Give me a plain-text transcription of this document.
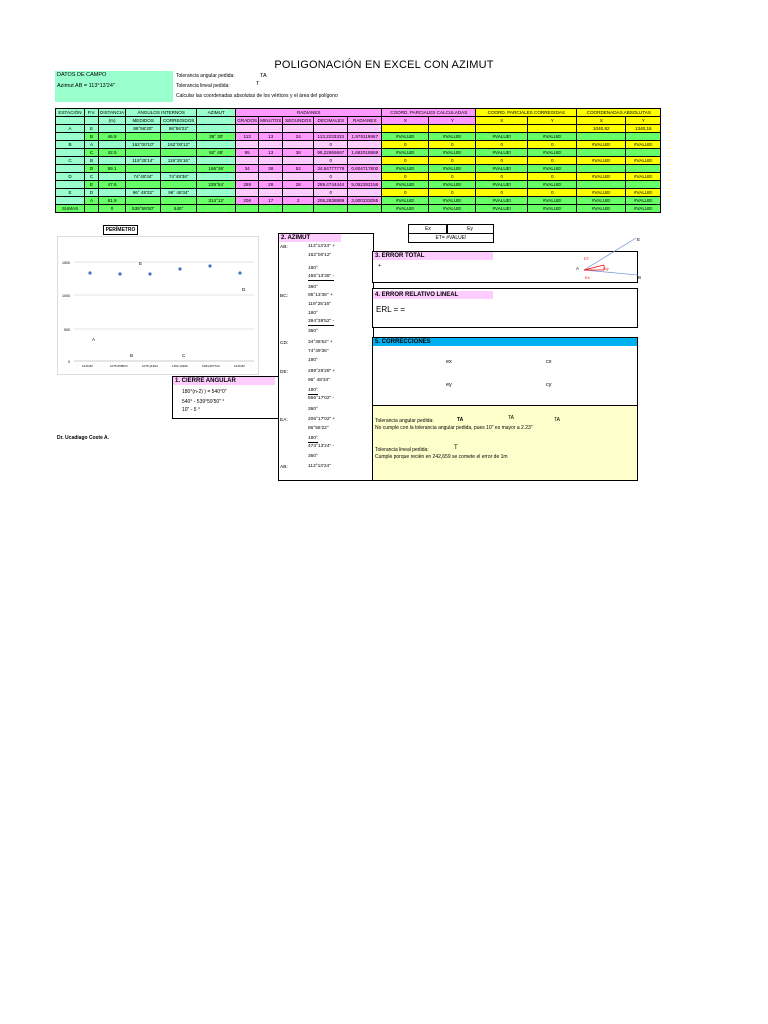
POLIGONACIÓN EN EXCEL CON AZIMUT
DATOS DE CAMPO
Azimut AB = 113°13'24"
Tolerancia angular pedida:	TA
Tolerancia lineal pedida:	T
Calcular las coordenadas absolutas de los vértices y el área del polígono
ESTACIÓN	P.V.	DISTANCIA	ÁNGULOS INTERNOS		AZIMUT	RADIANES					COORD. PARCIALES CALCULADAS		COORD. PARCIALES CORREGIDAS		COORDENADAS ABSOLUTAS	
		(m)	MEDIDOS	CORREGIDOS		GRADOS	MINUTOS	SEGUNDOS	DECIMALES	RADIANES	X	Y	X	Y	X	Y
A	E		86°56'20"	86°56'22"											1040,82	1340,16
	B	46.9			38° 30'	113	13	24	113,2233333	1,976119957	#VALUE!	#VALUE!	#VALUE!	#VALUE!		
B	A		162°00'10"	162°00'12"					0		0	0	0	0	#VALUE!	#VALUE!
	C	42.5			92° 48'	95	13	36	95,22666667	1,662018869	#VALUE!	#VALUE!	#VALUE!	#VALUE!		
C	B		119°25'14"	119°25'16"					0		0	0	0	0	#VALUE!	#VALUE!
	D	59.1			166°36'	34	38	52	34,64777778	0,604717800	#VALUE!	#VALUE!	#VALUE!	#VALUE!		
D	C		74°49'34"	74°49'36"					0		0	0	0	0	#VALUE!	#VALUE!
	E	47.6			229°54'	289	28	28	289,4744444	5,052282156	#VALUE!	#VALUE!	#VALUE!	#VALUE!		
E	D		96° 48'32"	96° 48'34"					0		0	0	0	0	#VALUE!	#VALUE!
	A	61.9			314°12'	206	17	2	206,2838889	3,600333055	#VALUE!	#VALUE!	#VALUE!	#VALUE!	#VALUE!	#VALUE!
SUMAS		0	539°59'50"	540°							#VALUE!	#VALUE!	#VALUE!	#VALUE!	#VALUE!	#VALUE!
PERÍMETRO	Ex	Ey
ET= #VALUE!
1500
1000
500
0
E
D
A
B	C
1040,82	1075,658523	1075,11394	1154,13496	1084,657720	1040,82
1. CIERRE ANGULAR
180°(n-2) ) = 540°0"
540° - 539°59'50" °
10" - 5 °
Dr. Ucadiago Coste A.
2. AZIMUT
AB:
BC:
CD:
DE:
EA:
AB:
113°13'24" +
162°00'12"
180°
455°13'36" -
360°
95°13'36" +
119°25'16"
180°
394°38'52" -
360°
34°38'52" +
74°49'36"
180°
289°28'28" +
96° 48'34"
180°
566°17'02" -
360°
206°17'02" +
86°56'22"
180°
473°13'24" -
360°
113°13'24"
3. ERROR TOTAL
+
4. ERROR RELATIVO LINEAL
ERL = =
5. CORRECCIONES
ex	cx
ey	cy
Tolerancia angular pedida:	TA	TA	TA
No cumple con la tolerancia angular pedida, pues 10" es mayor a 2.23"
Tolerancia lineal pedida:	T
Cumple porque recién en 242,659 se comete el error de 1m
E
A
B
ET
Ex
Ey
